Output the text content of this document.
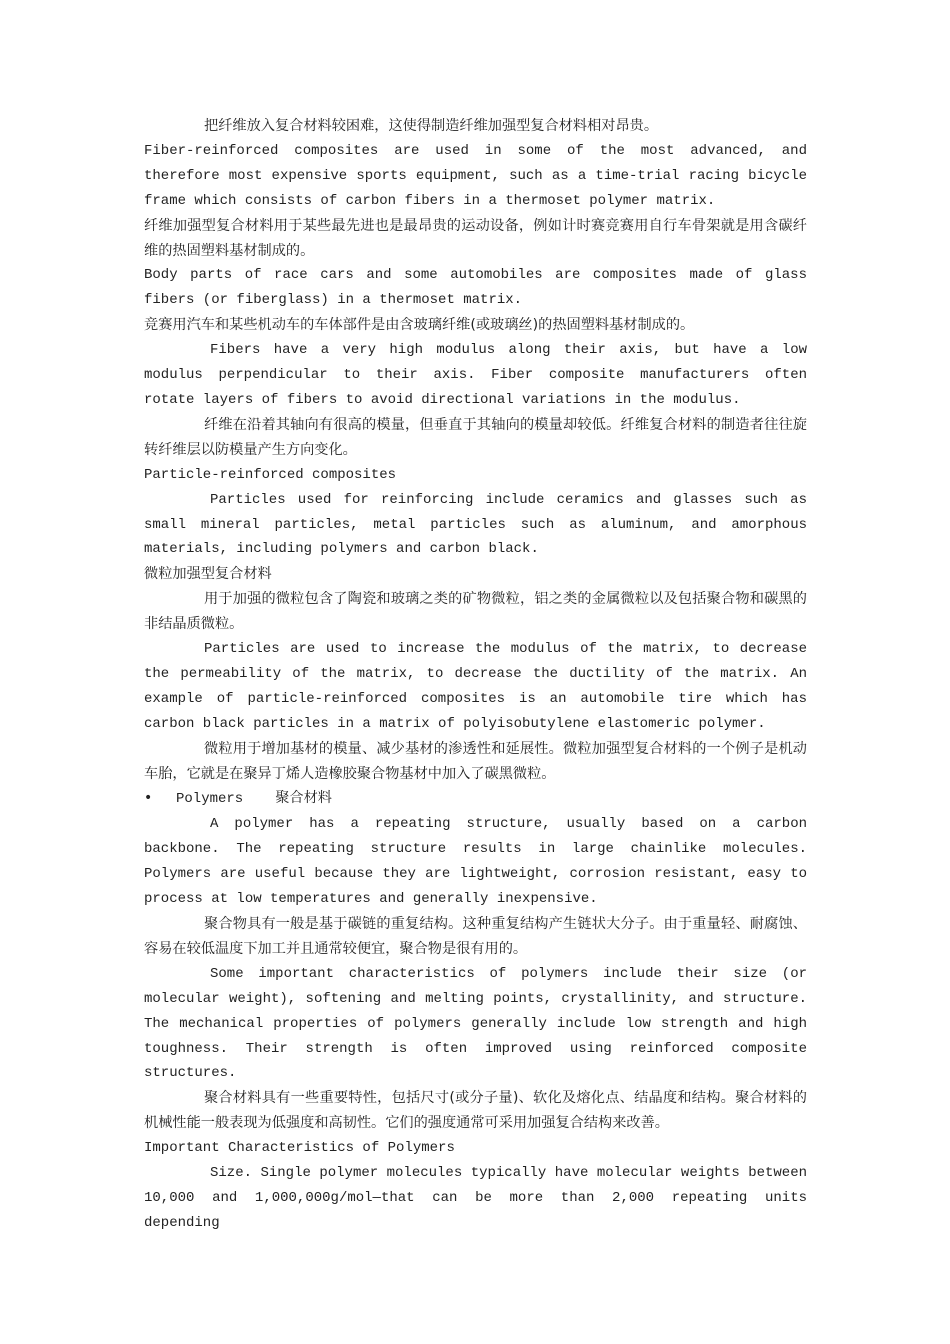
把纤维放入复合材料较困难，这使得制造纤维加强型复合材料相对昂贵。

Fiber-reinforced composites are used in some of the most advanced, and therefore most expensive sports equipment, such as a time-trial racing bicycle frame which consists of carbon fibers in a thermoset polymer matrix.

纤维加强型复合材料用于某些最先进也是最昂贵的运动设备，例如计时赛竞赛用自行车骨架就是用含碳纤维的热固塑料基材制成的。

Body parts of race cars and some automobiles are composites made of glass fibers (or fiberglass) in a thermoset matrix.

竞赛用汽车和某些机动车的车体部件是由含玻璃纤维(或玻璃丝)的热固塑料基材制成的。

Fibers have a very high modulus along their axis, but have a low modulus perpendicular to their axis. Fiber composite manufacturers often rotate layers of fibers to avoid directional variations in the modulus.

纤维在沿着其轴向有很高的模量，但垂直于其轴向的模量却较低。纤维复合材料的制造者往往旋转纤维层以防模量产生方向变化。

Particle-reinforced composites

Particles used for reinforcing include ceramics and glasses such as small mineral particles, metal particles such as aluminum, and amorphous materials, including polymers and carbon black.

微粒加强型复合材料

用于加强的微粒包含了陶瓷和玻璃之类的矿物微粒，铝之类的金属微粒以及包括聚合物和碳黑的非结晶质微粒。

Particles are used to increase the modulus of the matrix, to decrease the permeability of the matrix, to decrease the ductility of the matrix. An example of particle-reinforced composites is an automobile tire which has carbon black particles in a matrix of polyisobutylene elastomeric polymer.

微粒用于增加基材的模量、减少基材的渗透性和延展性。微粒加强型复合材料的一个例子是机动车胎，它就是在聚异丁烯人造橡胶聚合物基材中加入了碳黑微粒。

•	Polymers 聚合材料

A polymer has a repeating structure, usually based on a carbon backbone. The repeating structure results in large chainlike molecules. Polymers are useful because they are lightweight, corrosion resistant, easy to process at low temperatures and generally inexpensive.

聚合物具有一般是基于碳链的重复结构。这种重复结构产生链状大分子。由于重量轻、耐腐蚀、容易在较低温度下加工并且通常较便宜，聚合物是很有用的。

Some important characteristics of polymers include their size (or molecular weight), softening and melting points, crystallinity, and structure. The mechanical properties of polymers generally include low strength and high toughness. Their strength is often improved using reinforced composite structures.

聚合材料具有一些重要特性，包括尺寸(或分子量)、软化及熔化点、结晶度和结构。聚合材料的机械性能一般表现为低强度和高韧性。它们的强度通常可采用加强复合结构来改善。

Important Characteristics of Polymers

Size. Single polymer molecules typically have molecular weights between 10,000 and 1,000,000g/mol—that can be more than 2,000 repeating units depending
